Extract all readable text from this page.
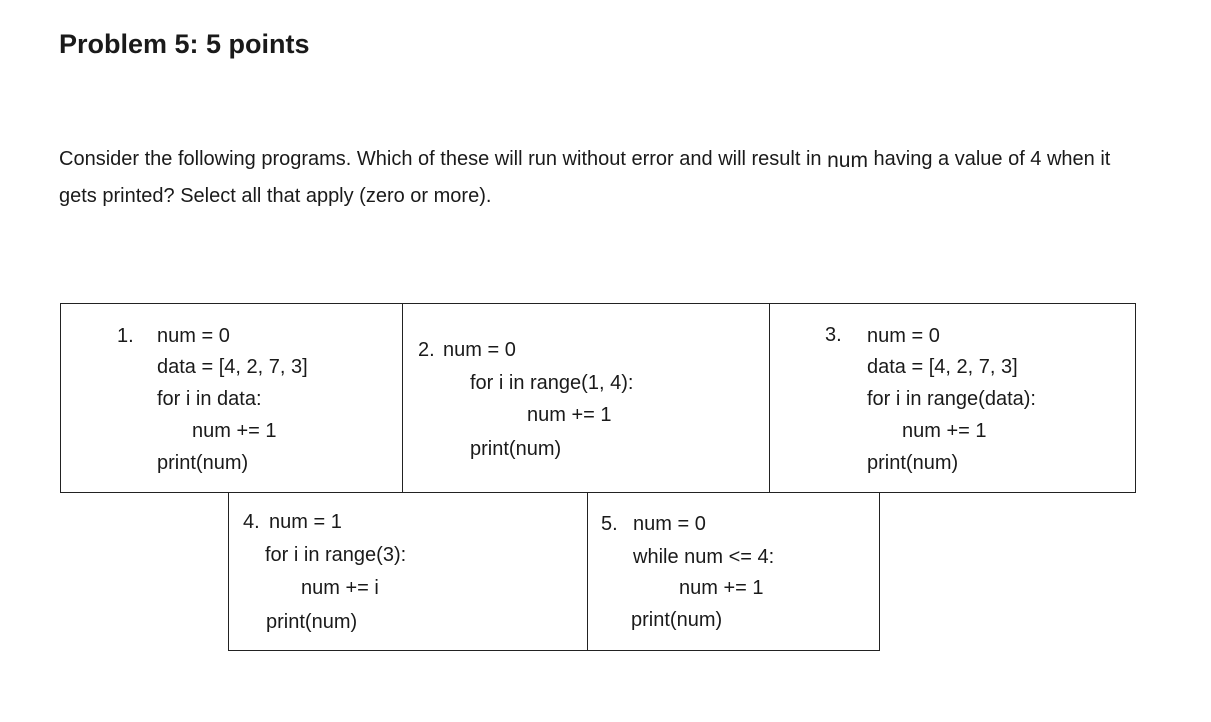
Problem 5: 5 points

Consider the following programs. Which of these will run without error and will result in num having a value of 4 when it gets printed? Select all that apply (zero or more).

1. num = 0
data = [4, 2, 7, 3]
for i in data:
num += 1
print(num)
2. num = 0
for i in range(1, 4):
num += 1
print(num)
3. num = 0
data = [4, 2, 7, 3]
for i in range(data):
num += 1
print(num)
4. num = 1
for i in range(3):
num += i
print(num)
5. num = 0
while num <= 4:
num += 1
print(num)
